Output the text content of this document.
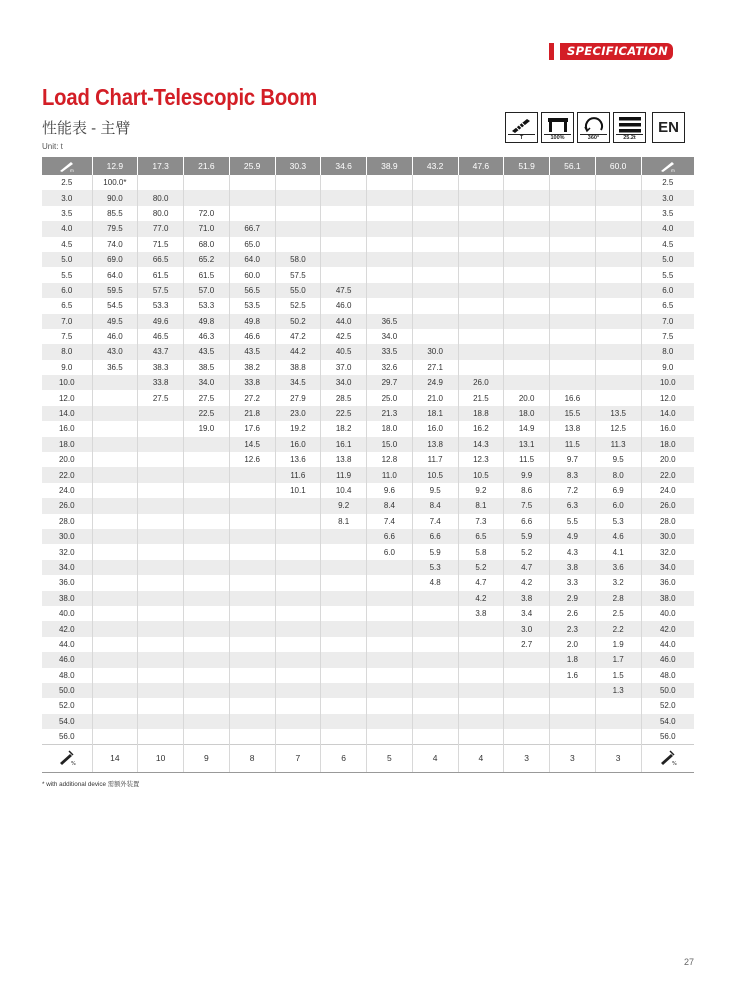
SPECIFICATION
Load Chart-Telescopic Boom
性能表 - 主臂
Unit: t
T	100%	360°	25.2t
EN
m	12.9	17.3	21.6	25.9	30.3	34.6	38.9	43.2	47.6	51.9	56.1	60.0	m

2.5	100.0*												2.5
3.0	90.0	80.0											3.0
3.5	85.5	80.0	72.0										3.5
4.0	79.5	77.0	71.0	66.7									4.0
4.5	74.0	71.5	68.0	65.0									4.5
5.0	69.0	66.5	65.2	64.0	58.0								5.0
5.5	64.0	61.5	61.5	60.0	57.5								5.5
6.0	59.5	57.5	57.0	56.5	55.0	47.5							6.0
6.5	54.5	53.3	53.3	53.5	52.5	46.0							6.5
7.0	49.5	49.6	49.8	49.8	50.2	44.0	36.5						7.0
7.5	46.0	46.5	46.3	46.6	47.2	42.5	34.0						7.5
8.0	43.0	43.7	43.5	43.5	44.2	40.5	33.5	30.0					8.0
9.0	36.5	38.3	38.5	38.2	38.8	37.0	32.6	27.1					9.0
10.0		33.8	34.0	33.8	34.5	34.0	29.7	24.9	26.0				10.0
12.0		27.5	27.5	27.2	27.9	28.5	25.0	21.0	21.5	20.0	16.6		12.0
14.0			22.5	21.8	23.0	22.5	21.3	18.1	18.8	18.0	15.5	13.5	14.0
16.0			19.0	17.6	19.2	18.2	18.0	16.0	16.2	14.9	13.8	12.5	16.0
18.0				14.5	16.0	16.1	15.0	13.8	14.3	13.1	11.5	11.3	18.0
20.0				12.6	13.6	13.8	12.8	11.7	12.3	11.5	9.7	9.5	20.0
22.0					11.6	11.9	11.0	10.5	10.5	9.9	8.3	8.0	22.0
24.0					10.1	10.4	9.6	9.5	9.2	8.6	7.2	6.9	24.0
26.0						9.2	8.4	8.4	8.1	7.5	6.3	6.0	26.0
28.0						8.1	7.4	7.4	7.3	6.6	5.5	5.3	28.0
30.0							6.6	6.6	6.5	5.9	4.9	4.6	30.0
32.0							6.0	5.9	5.8	5.2	4.3	4.1	32.0
34.0								5.3	5.2	4.7	3.8	3.6	34.0
36.0								4.8	4.7	4.2	3.3	3.2	36.0
38.0									4.2	3.8	2.9	2.8	38.0
40.0									3.8	3.4	2.6	2.5	40.0
42.0										3.0	2.3	2.2	42.0
44.0										2.7	2.0	1.9	44.0
46.0											1.8	1.7	46.0
48.0											1.6	1.5	48.0
50.0												1.3	50.0
52.0													52.0
54.0													54.0
56.0													56.0

%	14	10	9	8	7	6	5	4	4	3	3	3	%
* with additional device 需额外装置
27
